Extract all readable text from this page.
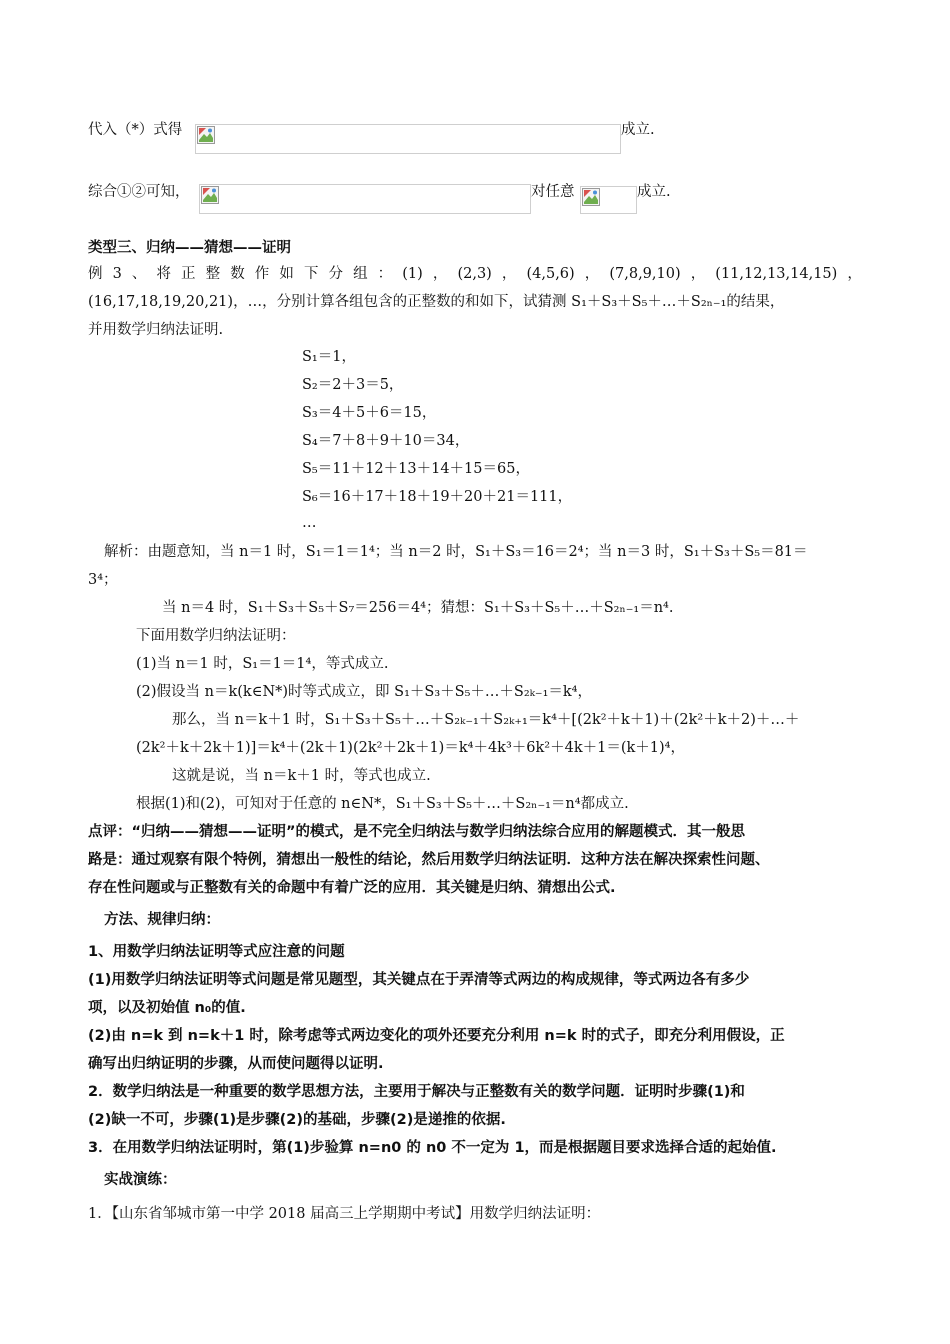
代入（*）式得	成立.
综合①②可知，	对任意	成立.
类型三、归纳——猜想——证明
例 3 、 将 正 整 数 作 如 下 分 组 ： (1) ， (2,3) ， (4,5,6) ， (7,8,9,10) ， (11,12,13,14,15) ，
(16,17,18,19,20,21)，…，分别计算各组包含的正整数的和如下，试猜测 S₁＋S₃＋S₅＋…＋S₂ₙ₋₁的结果，
并用数学归纳法证明.
S₁＝1，
S₂＝2＋3＝5，
S₃＝4＋5＋6＝15，
S₄＝7＋8＋9＋10＝34，
S₅＝11＋12＋13＋14＋15＝65，
S₆＝16＋17＋18＋19＋20＋21＝111，
…
解析：由题意知，当 n＝1 时，S₁＝1＝1⁴；当 n＝2 时，S₁＋S₃＝16＝2⁴；当 n＝3 时，S₁＋S₃＋S₅＝81＝
3⁴；
当 n＝4 时，S₁＋S₃＋S₅＋S₇＝256＝4⁴；猜想：S₁＋S₃＋S₅＋…＋S₂ₙ₋₁＝n⁴.
下面用数学归纳法证明：
(1)当 n＝1 时，S₁＝1＝1⁴，等式成立.
(2)假设当 n＝k(k∈N*)时等式成立，即 S₁＋S₃＋S₅＋…＋S₂ₖ₋₁＝k⁴，
那么，当 n＝k＋1 时，S₁＋S₃＋S₅＋…＋S₂ₖ₋₁＋S₂ₖ₊₁＝k⁴＋[(2k²＋k＋1)＋(2k²＋k＋2)＋…＋
(2k²＋k＋2k＋1)]＝k⁴＋(2k＋1)(2k²＋2k＋1)＝k⁴＋4k³＋6k²＋4k＋1＝(k＋1)⁴，
这就是说，当 n＝k＋1 时，等式也成立.
根据(1)和(2)，可知对于任意的 n∈N*，S₁＋S₃＋S₅＋…＋S₂ₙ₋₁＝n⁴都成立.
点评：“归纳——猜想——证明”的模式，是不完全归纳法与数学归纳法综合应用的解题模式．其一般思
路是：通过观察有限个特例，猜想出一般性的结论，然后用数学归纳法证明．这种方法在解决探索性问题、
存在性问题或与正整数有关的命题中有着广泛的应用．其关键是归纳、猜想出公式.
方法、规律归纳：
1、用数学归纳法证明等式应注意的问题
(1)用数学归纳法证明等式问题是常见题型，其关键点在于弄清等式两边的构成规律，等式两边各有多少
项，以及初始值 n₀的值.
(2)由 n=k 到 n=k＋1 时，除考虑等式两边变化的项外还要充分利用 n=k 时的式子，即充分利用假设，正
确写出归纳证明的步骤，从而使问题得以证明.
2．数学归纳法是一种重要的数学思想方法，主要用于解决与正整数有关的数学问题．证明时步骤(1)和
(2)缺一不可，步骤(1)是步骤(2)的基础，步骤(2)是递推的依据.
3．在用数学归纳法证明时，第(1)步验算 n=n0 的 n0 不一定为 1，而是根据题目要求选择合适的起始值.
实战演练：
1．【山东省邹城市第一中学 2018 届高三上学期期中考试】用数学归纳法证明：
